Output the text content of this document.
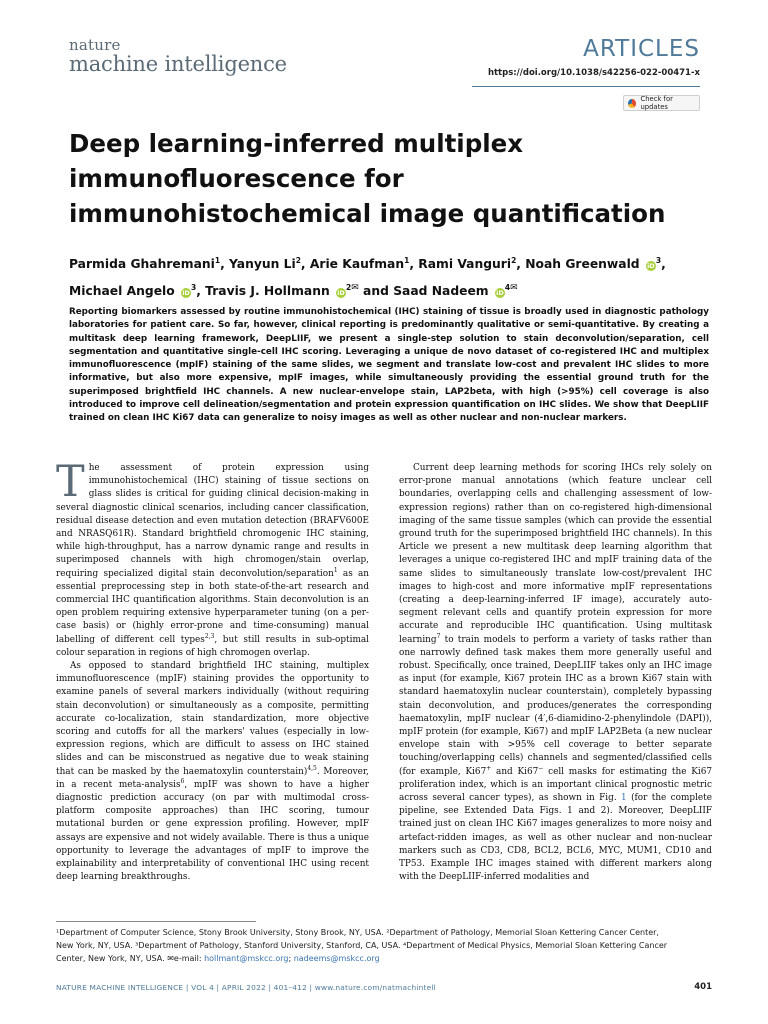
nature
machine intelligence
ARTICLES
https://doi.org/10.1038/s42256-022-00471-x
Check for updates
Deep learning-inferred multiplex immunofluorescence for immunohistochemical image quantification
Parmida Ghahremani$^1$, Yanyun Li$^2$, Arie Kaufman$^1$, Rami Vanguri$^2$, Noah Greenwald $iD^3$,
Michael Angelo $iD^3$, Travis J. Hollmann $iD^{2✉}$ and Saad Nadeem $iD^{4✉}$
Reporting biomarkers assessed by routine immunohistochemical (IHC) staining of tissue is broadly used in diagnostic pathology laboratories for patient care. So far, however, clinical reporting is predominantly qualitative or semi-quantitative. By creating a multitask deep learning framework, DeepLIIF, we present a single-step solution to stain deconvolution/separation, cell segmentation and quantitative single-cell IHC scoring. Leveraging a unique de novo dataset of co-registered IHC and multiplex immunofluorescence (mpIF) staining of the same slides, we segment and translate low-cost and prevalent IHC slides to more informative, but also more expensive, mpIF images, while simultaneously providing the essential ground truth for the superimposed brightfield IHC channels. A new nuclear-envelope stain, LAP2beta, with high (>95%) cell coverage is also introduced to improve cell delineation/segmentation and protein expression quantification on IHC slides. We show that DeepLIIF trained on clean IHC Ki67 data can generalize to noisy images as well as other nuclear and non-nuclear markers.

The assessment of protein expression using immunohistochemical (IHC) staining of tissue sections on glass slides is critical for guiding clinical decision-making in several diagnostic clinical scenarios, including cancer classification, residual disease detection and even mutation detection (BRAFV600E and NRASQ61R). Standard brightfield chromogenic IHC staining, while high-throughput, has a narrow dynamic range and results in superimposed channels with high chromogen/stain overlap, requiring specialized digital stain deconvolution/separation$^1$ as an essential preprocessing step in both state-of-the-art research and commercial IHC quantification algorithms. Stain deconvolution is an open problem requiring extensive hyperparameter tuning (on a per-case basis) or (highly error-prone and time-consuming) manual labelling of different cell types$^{2,3}$, but still results in sub-optimal colour separation in regions of high chromogen overlap.

As opposed to standard brightfield IHC staining, multiplex immunofluorescence (mpIF) staining provides the opportunity to examine panels of several markers individually (without requiring stain deconvolution) or simultaneously as a composite, permitting accurate co-localization, stain standardization, more objective scoring and cutoffs for all the markers' values (especially in low-expression regions, which are difficult to assess on IHC stained slides and can be misconstrued as negative due to weak staining that can be masked by the haematoxylin counterstain)$^{4,5}$. Moreover, in a recent meta-analysis$^6$, mpIF was shown to have a higher diagnostic prediction accuracy (on par with multimodal cross-platform composite approaches) than IHC scoring, tumour mutational burden or gene expression profiling. However, mpIF assays are expensive and not widely available. There is thus a unique opportunity to leverage the advantages of mpIF to improve the explainability and interpretability of conventional IHC using recent deep learning breakthroughs.

Current deep learning methods for scoring IHCs rely solely on error-prone manual annotations (which feature unclear cell boundaries, overlapping cells and challenging assessment of low-expression regions) rather than on co-registered high-dimensional imaging of the same tissue samples (which can provide the essential ground truth for the superimposed brightfield IHC channels). In this Article we present a new multitask deep learning algorithm that leverages a unique co-registered IHC and mpIF training data of the same slides to simultaneously translate low-cost/prevalent IHC images to high-cost and more informative mpIF representations (creating a deep-learning-inferred IF image), accurately auto-segment relevant cells and quantify protein expression for more accurate and reproducible IHC quantification. Using multitask learning$^7$ to train models to perform a variety of tasks rather than one narrowly defined task makes them more generally useful and robust. Specifically, once trained, DeepLIIF takes only an IHC image as input (for example, Ki67 protein IHC as a brown Ki67 stain with standard haematoxylin nuclear counterstain), completely bypassing stain deconvolution, and produces/generates the corresponding haematoxylin, mpIF nuclear (4′,6-diamidino-2-phenylindole (DAPI)), mpIF protein (for example, Ki67) and mpIF LAP2Beta (a new nuclear envelope stain with >95% cell coverage to better separate touching/overlapping cells) channels and segmented/classified cells (for example, Ki67+ and Ki67− cell masks for estimating the Ki67 proliferation index, which is an important clinical prognostic metric across several cancer types), as shown in Fig. 1 (for the complete pipeline, see Extended Data Figs. 1 and 2). Moreover, DeepLIIF trained just on clean IHC Ki67 images generalizes to more noisy and artefact-ridden images, as well as other nuclear and non-nuclear markers such as CD3, CD8, BCL2, BCL6, MYC, MUM1, CD10 and TP53. Example IHC images stained with different markers along with the DeepLIIF-inferred modalities and

¹Department of Computer Science, Stony Brook University, Stony Brook, NY, USA. ²Department of Pathology, Memorial Sloan Kettering Cancer Center,
New York, NY, USA. ³Department of Pathology, Stanford University, Stanford, CA, USA. ⁴Department of Medical Physics, Memorial Sloan Kettering Cancer
Center, New York, NY, USA. ✉e-mail: hollmant@mskcc.org; nadeems@mskcc.org
NATURE MACHINE INTELLIGENCE | VOL 4 | APRIL 2022 | 401–412 | www.nature.com/natmachintell	401
